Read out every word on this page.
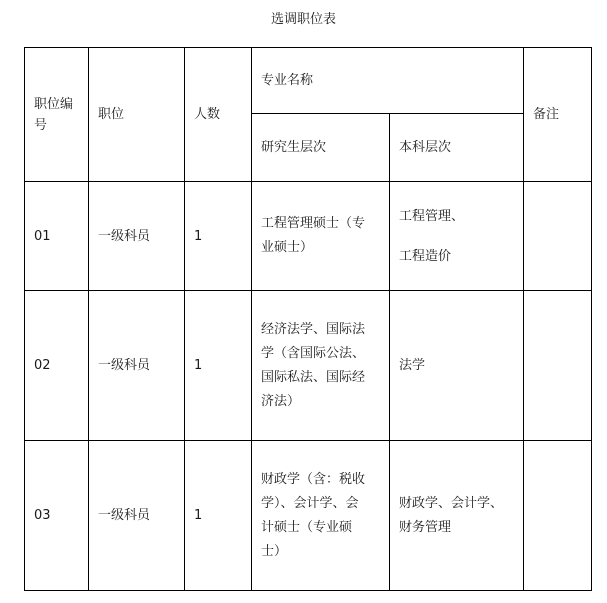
选调职位表
职位编
号	职位	人数	专业名称		备注
			研究生层次	本科层次	
01	一级科员	1	工程管理硕士（专
业硕士）	工程管理、
工程造价	

02	一级科员	1	经济法学、国际法
学（含国际公法、
国际私法、国际经
济法）	法学	

03	一级科员	1	财政学（含：税收
学）、会计学、会
计硕士（专业硕
士）	财政学、会计学、
财务管理	
